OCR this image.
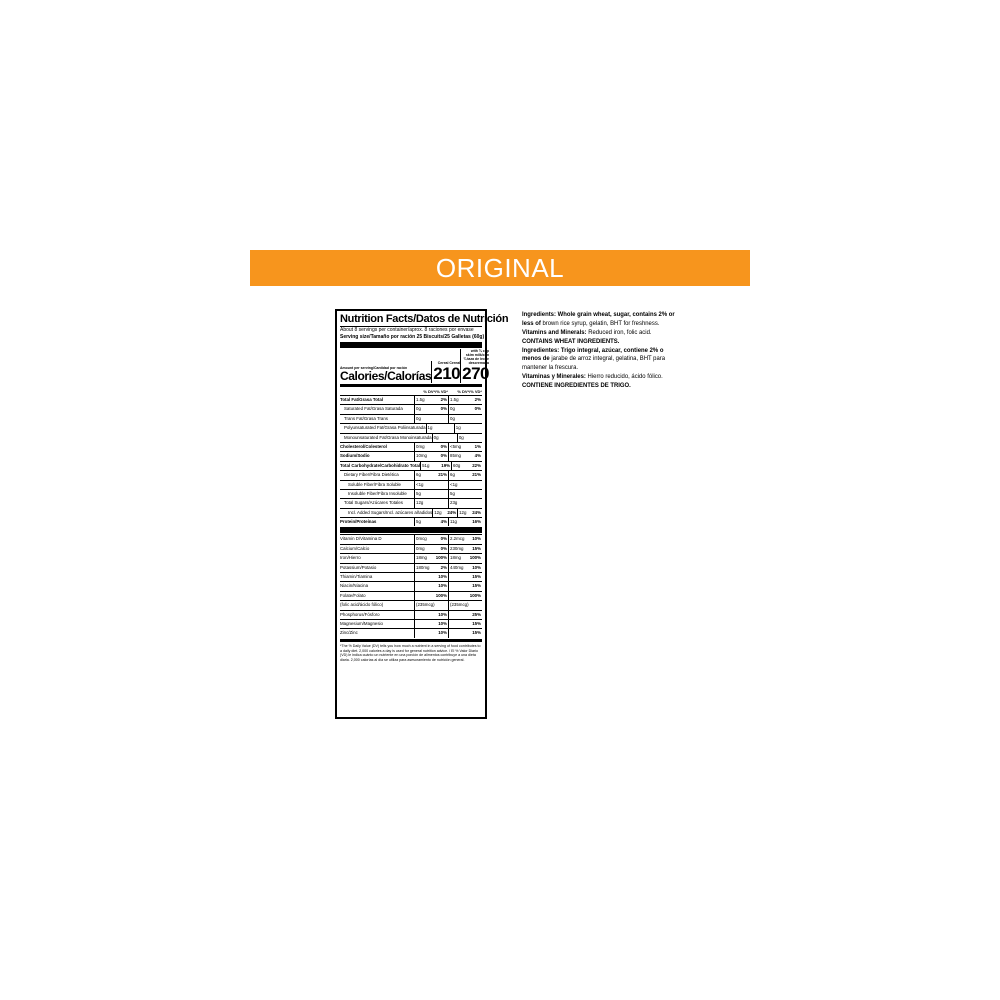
ORIGINAL
Nutrition Facts/Datos de Nutrición
About 8 servings per container/aprox. 8 raciones por envase
Serving size/Tamaño por ración 25 Biscuits/25 Galletas (60g)
Amount per serving/Cantidad por ración
Calories/Calorías
Cereal Cereal
210
with ¾ cup skim milk/con ¾ taza de leche descremada
270
% DV*/% VD*	% DV*/% VD*
Total Fat/Grasa Total	1.5g	2% 1.5g	2%
Saturated Fat/Grasa Saturada	0g	0% 0g	0%
Trans Fat/Grasa Trans	0g	0g
Polyunsaturated Fat/Grasa Poliinsaturada 1g	1g
Monounsaturated Fat/Grasa Monoinsaturada 0g	0g
Cholesterol/Colesterol	0mg	0% <5mg	1%
Sodium/Sodio	10mg	0% 85mg	4%
Total Carbohydrate/Carbohidrato Total 51g	19% 60g	22%
Dietary Fiber/Fibra Dietética	6g	21% 6g	21%
Soluble Fiber/Fibra Soluble	<1g	<1g
Insoluble Fiber/Fibra Insoluble	5g	5g
Total Sugars/Azúcares Totales	12g	23g
Incl. Added Sugars/Incl. azúcares añadidos 12g	24% 12g	24%
Protein/Proteínas	5g	4% 11g	16%
Vitamin D/Vitamina D	0mcg	0% 2.2mcg	10%
Calcium/Calcio	0mg	0% 230mg	15%
Iron/Hierro	18mg	100% 18mg	100%
Potassium/Potasio	180mg	2% 440mg	10%
Thiamin/Tiamina	10%	15%
Niacin/Niacina	10%	15%
Folate/Folato	100%	100%
(folic acid/ácido fólico)	(235mcg)	(235mcg)
Phosphorus/Fósforo	10%	25%
Magnesium/Magnesio	10%	15%
Zinc/Zinc	10%	15%
*The % Daily Value (DV) tells you how much a nutrient in a serving of food contributes to a daily diet. 2,000 calories a day is used for general nutrition advice. / El % Valor Diario (VD) le indica cuánto un nutriente en una porción de alimentos contribuye a una dieta diaria. 2,000 calorías al día se utiliza para asesoramiento de nutrición general.

Ingredients: Whole grain wheat, sugar, contains 2% or less of brown rice syrup, gelatin, BHT for freshness.

Vitamins and Minerals: Reduced iron, folic acid.

CONTAINS WHEAT INGREDIENTS.

Ingredientes: Trigo integral, azúcar, contiene 2% o menos de jarabe de arroz integral, gelatina, BHT para mantener la frescura.

Vitaminas y Minerales: Hierro reducido, ácido fólico.

CONTIENE INGREDIENTES DE TRIGO.
